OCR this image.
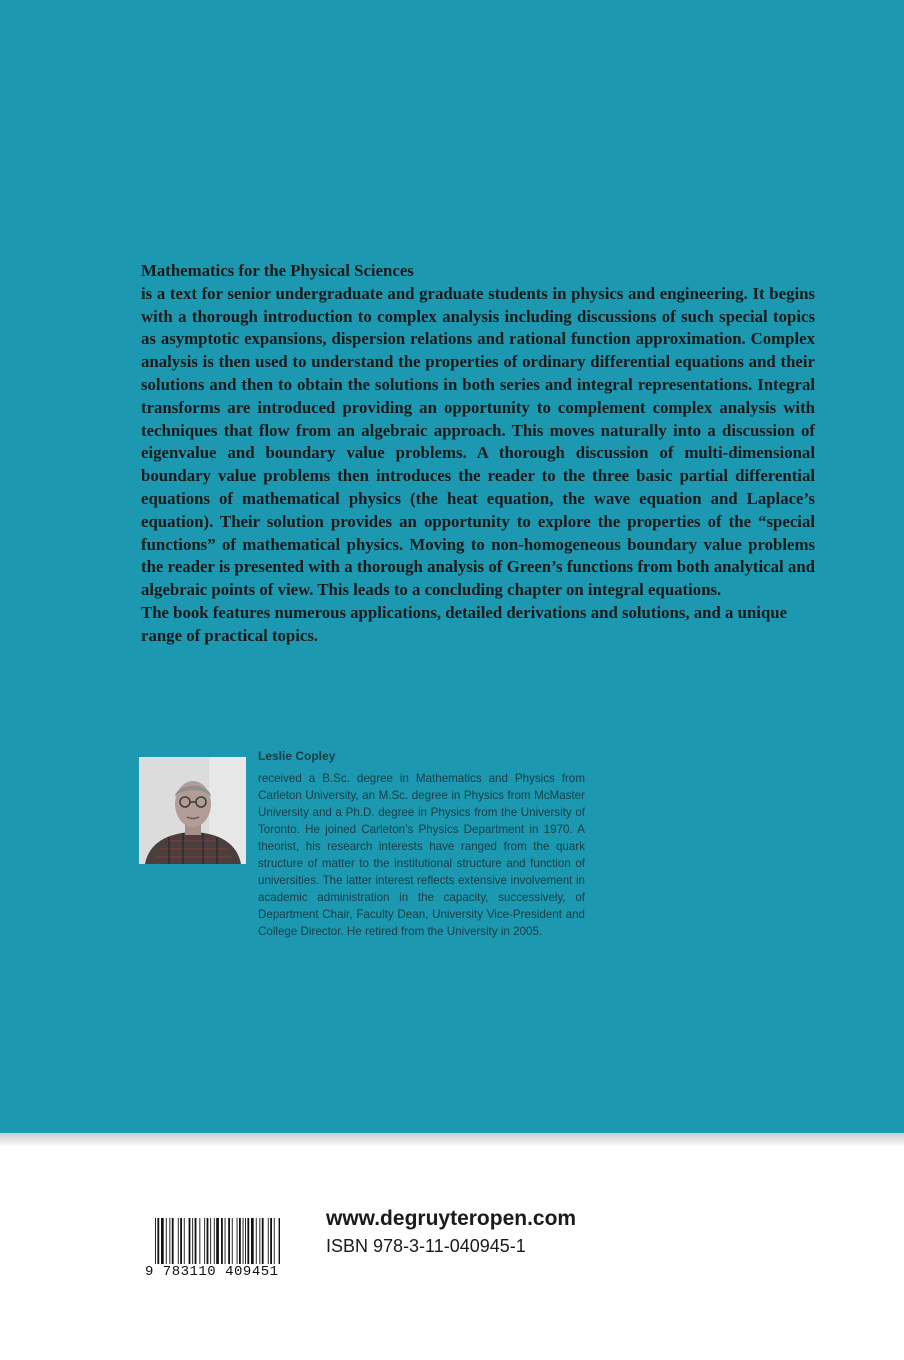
Mathematics for the Physical Sciences

is a text for senior undergraduate and graduate students in physics and engineering. It begins with a thorough introduction to complex analysis including discussions of such special topics as asymptotic expansions, dispersion relations and rational function approximation. Complex analysis is then used to understand the properties of ordinary differential equations and their solutions and then to obtain the solutions in both series and integral representations. Integral transforms are introduced providing an opportunity to complement complex analysis with techniques that flow from an algebraic approach. This moves naturally into a discussion of eigenvalue and boundary value problems. A thorough discussion of multi-dimensional boundary value problems then introduces the reader to the three basic partial differential equations of mathematical physics (the heat equation, the wave equation and Laplace’s equation). Their solution provides an opportunity to explore the properties of the “special functions” of mathematical physics. Moving to non-homogeneous boundary value problems the reader is presented with a thorough analysis of Green’s functions from both analytical and algebraic points of view. This leads to a concluding chapter on integral equations.

The book features numerous applications, detailed derivations and solutions, and a unique range of practical topics.

Leslie Copley

received a B.Sc. degree in Mathematics and Physics from Carleton University, an M.Sc. degree in Physics from McMaster University and a Ph.D. degree in Physics from the University of Toronto. He joined Carleton’s Physics Department in 1970. A theorist, his research interests have ranged from the quark structure of matter to the institutional structure and function of universities. The latter interest reflects extensive involvement in academic administration in the capacity, successively, of Department Chair, Faculty Dean, University Vice-President and College Director. He retired from the University in 2005.

9 783110 409451
www.degruyteropen.com
ISBN 978-3-11-040945-1
